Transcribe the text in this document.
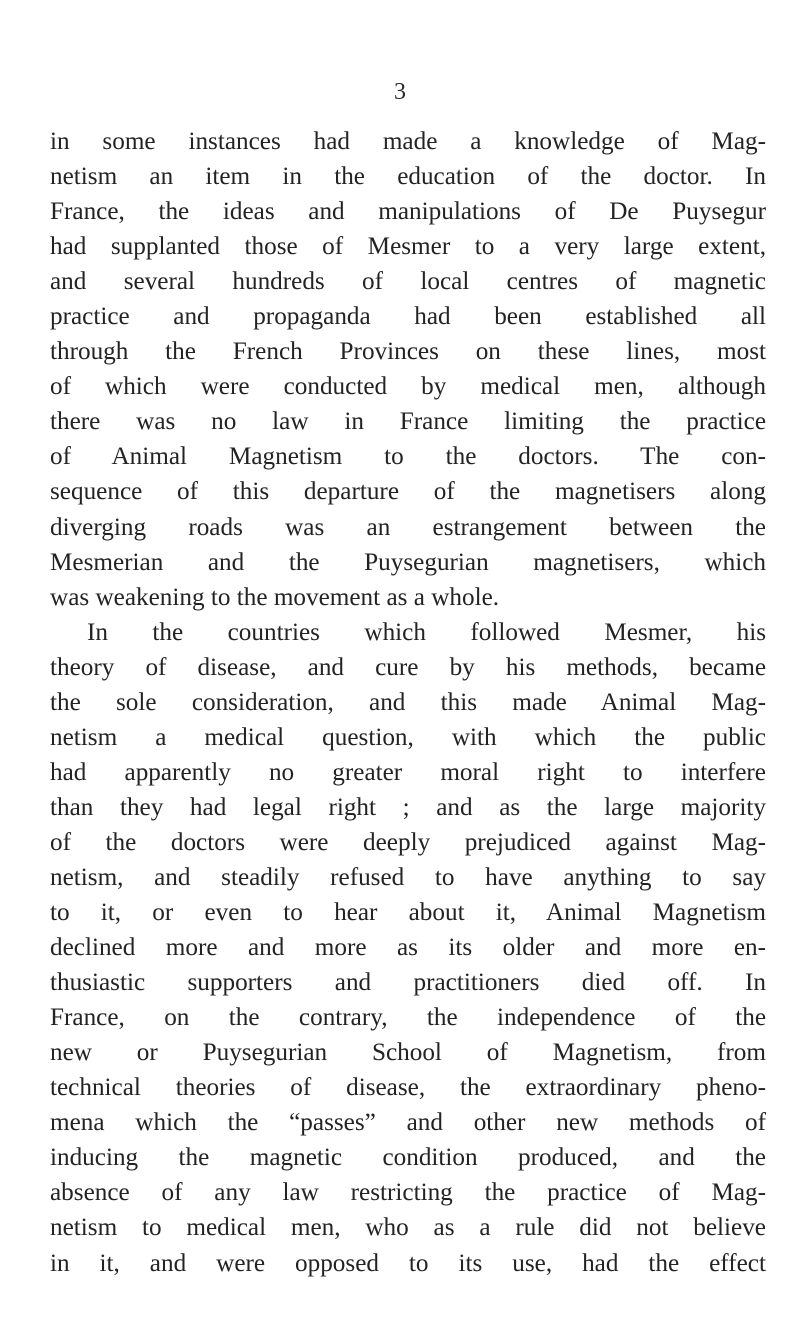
3
in some instances had made a knowledge of Mag-
netism an item in the education of the doctor. In
France, the ideas and manipulations of De Puysegur
had supplanted those of Mesmer to a very large extent,
and several hundreds of local centres of magnetic
practice and propaganda had been established all
through the French Provinces on these lines, most
of which were conducted by medical men, although
there was no law in France limiting the practice
of Animal Magnetism to the doctors. The con-
sequence of this departure of the magnetisers along
diverging roads was an estrangement between the
Mesmerian and the Puysegurian magnetisers, which
was weakening to the movement as a whole.
In the countries which followed Mesmer, his
theory of disease, and cure by his methods, became
the sole consideration, and this made Animal Mag-
netism a medical question, with which the public
had apparently no greater moral right to interfere
than they had legal right ; and as the large majority
of the doctors were deeply prejudiced against Mag-
netism, and steadily refused to have anything to say
to it, or even to hear about it, Animal Magnetism
declined more and more as its older and more en-
thusiastic supporters and practitioners died off. In
France, on the contrary, the independence of the
new or Puysegurian School of Magnetism, from
technical theories of disease, the extraordinary pheno-
mena which the “passes” and other new methods of
inducing the magnetic condition produced, and the
absence of any law restricting the practice of Mag-
netism to medical men, who as a rule did not believe
in it, and were opposed to its use, had the effect
